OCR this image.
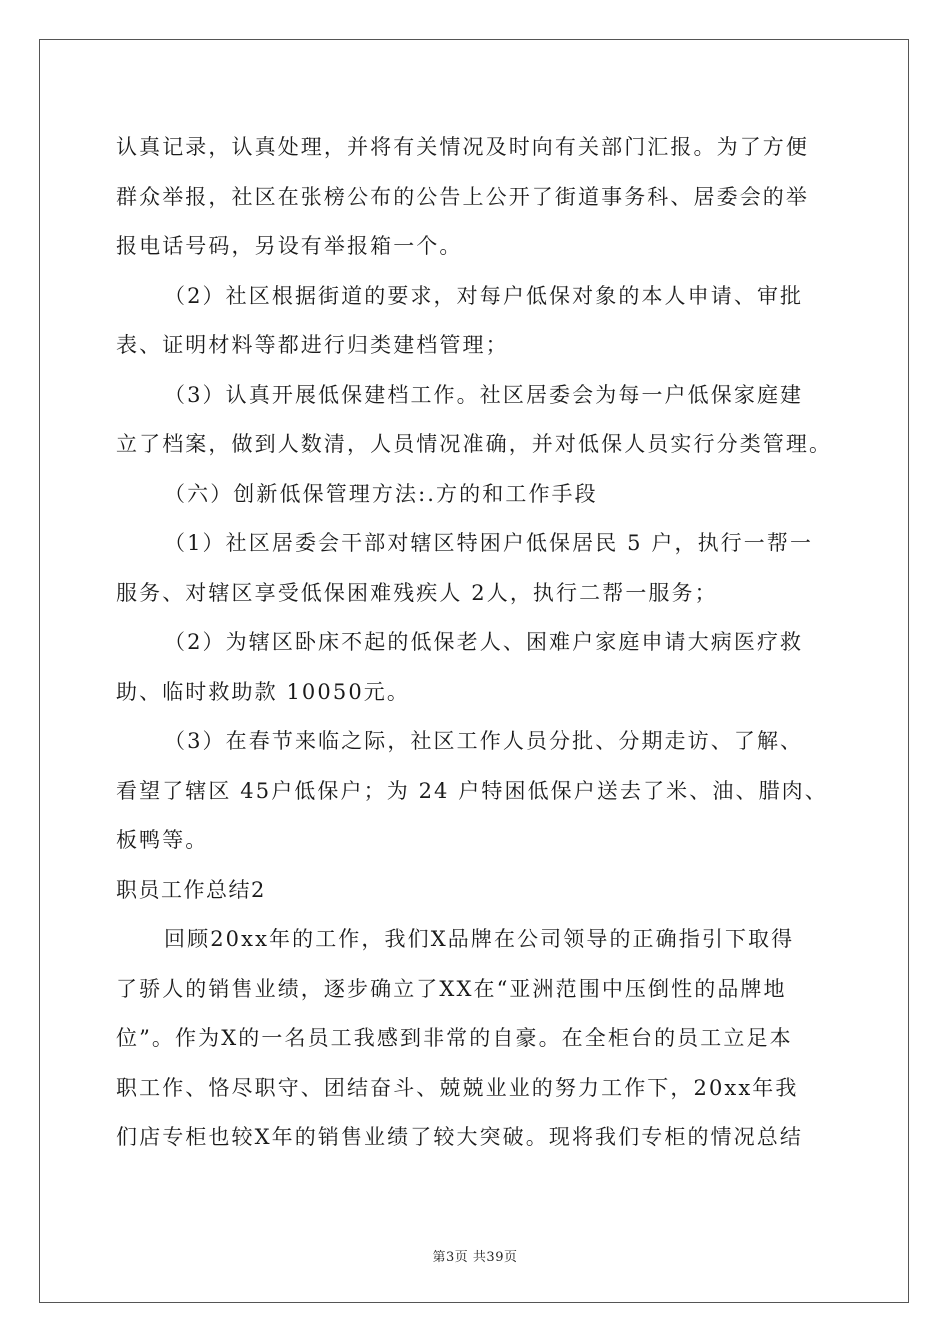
认真记录，认真处理，并将有关情况及时向有关部门汇报。为了方便
群众举报，社区在张榜公布的公告上公开了街道事务科、居委会的举
报电话号码，另设有举报箱一个。
（2）社区根据街道的要求，对每户低保对象的本人申请、审批
表、证明材料等都进行归类建档管理；
（3）认真开展低保建档工作。社区居委会为每一户低保家庭建
立了档案，做到人数清，人员情况准确，并对低保人员实行分类管理。
（六）创新低保管理方法:.方的和工作手段
（1）社区居委会干部对辖区特困户低保居民 5 户，执行一帮一
服务、对辖区享受低保困难残疾人 2人，执行二帮一服务；
（2）为辖区卧床不起的低保老人、困难户家庭申请大病医疗救
助、临时救助款 10050元。
（3）在春节来临之际，社区工作人员分批、分期走访、了解、
看望了辖区 45户低保户；为 24 户特困低保户送去了米、油、腊肉、
板鸭等。
职员工作总结2
回顾20xx年的工作，我们X品牌在公司领导的正确指引下取得
了骄人的销售业绩，逐步确立了XX在“亚洲范围中压倒性的品牌地
位”。作为X的一名员工我感到非常的自豪。在全柜台的员工立足本
职工作、恪尽职守、团结奋斗、兢兢业业的努力工作下，20xx年我
们店专柜也较X年的销售业绩了较大突破。现将我们专柜的情况总结
第3页 共39页
